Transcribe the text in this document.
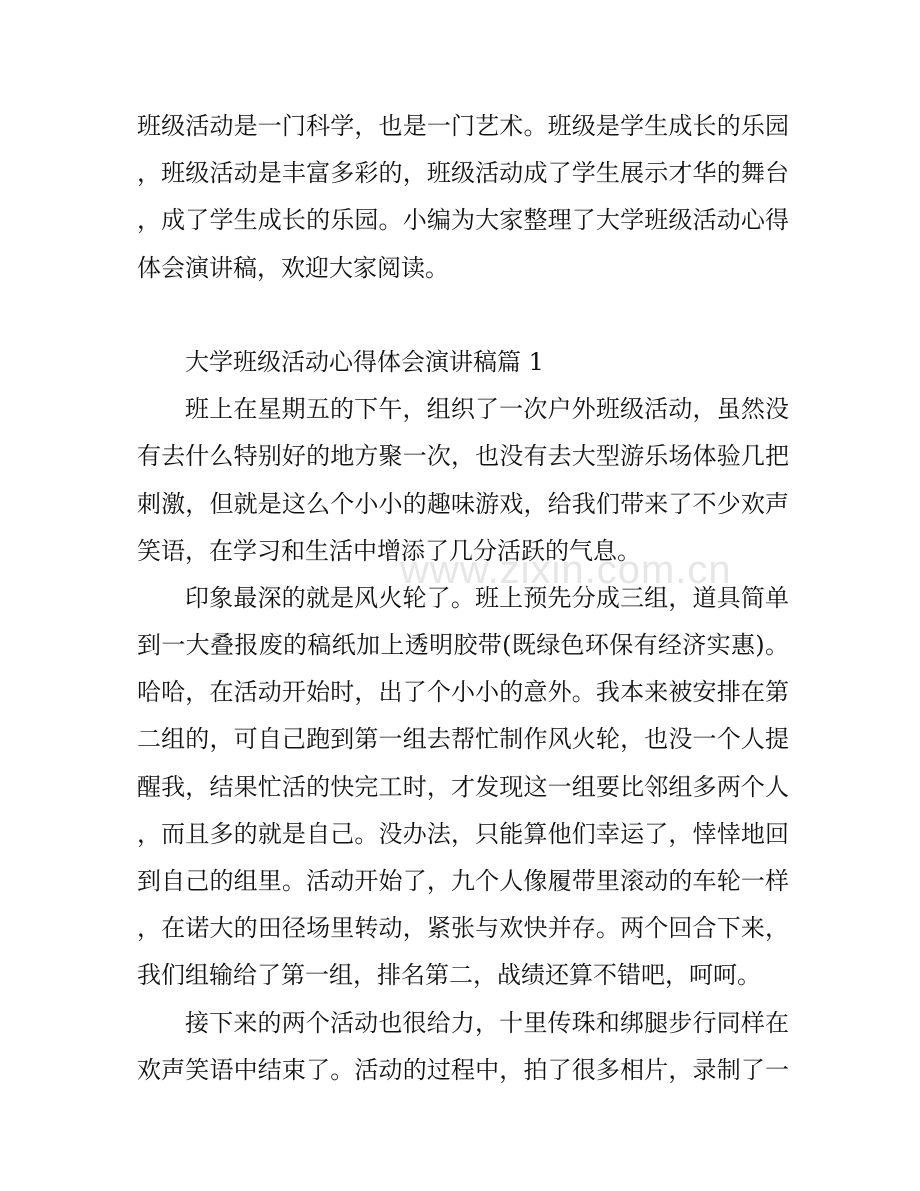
www.zixin.com.cn
班级活动是一门科学，也是一门艺术。班级是学生成长的乐园
，班级活动是丰富多彩的，班级活动成了学生展示才华的舞台
，成了学生成长的乐园。小编为大家整理了大学班级活动心得
体会演讲稿，欢迎大家阅读。
大学班级活动心得体会演讲稿篇 1
班上在星期五的下午，组织了一次户外班级活动，虽然没
有去什么特别好的地方聚一次，也没有去大型游乐场体验几把
刺激，但就是这么个小小的趣味游戏，给我们带来了不少欢声
笑语，在学习和生活中增添了几分活跃的气息。
印象最深的就是风火轮了。班上预先分成三组，道具简单
到一大叠报废的稿纸加上透明胶带(既绿色环保有经济实惠)。
哈哈，在活动开始时，出了个小小的意外。我本来被安排在第
二组的，可自己跑到第一组去帮忙制作风火轮，也没一个人提
醒我，结果忙活的快完工时，才发现这一组要比邻组多两个人
，而且多的就是自己。没办法，只能算他们幸运了，悻悻地回
到自己的组里。活动开始了，九个人像履带里滚动的车轮一样
，在诺大的田径场里转动，紧张与欢快并存。两个回合下来，
我们组输给了第一组，排名第二，战绩还算不错吧，呵呵。
接下来的两个活动也很给力，十里传珠和绑腿步行同样在
欢声笑语中结束了。活动的过程中，拍了很多相片，录制了一
